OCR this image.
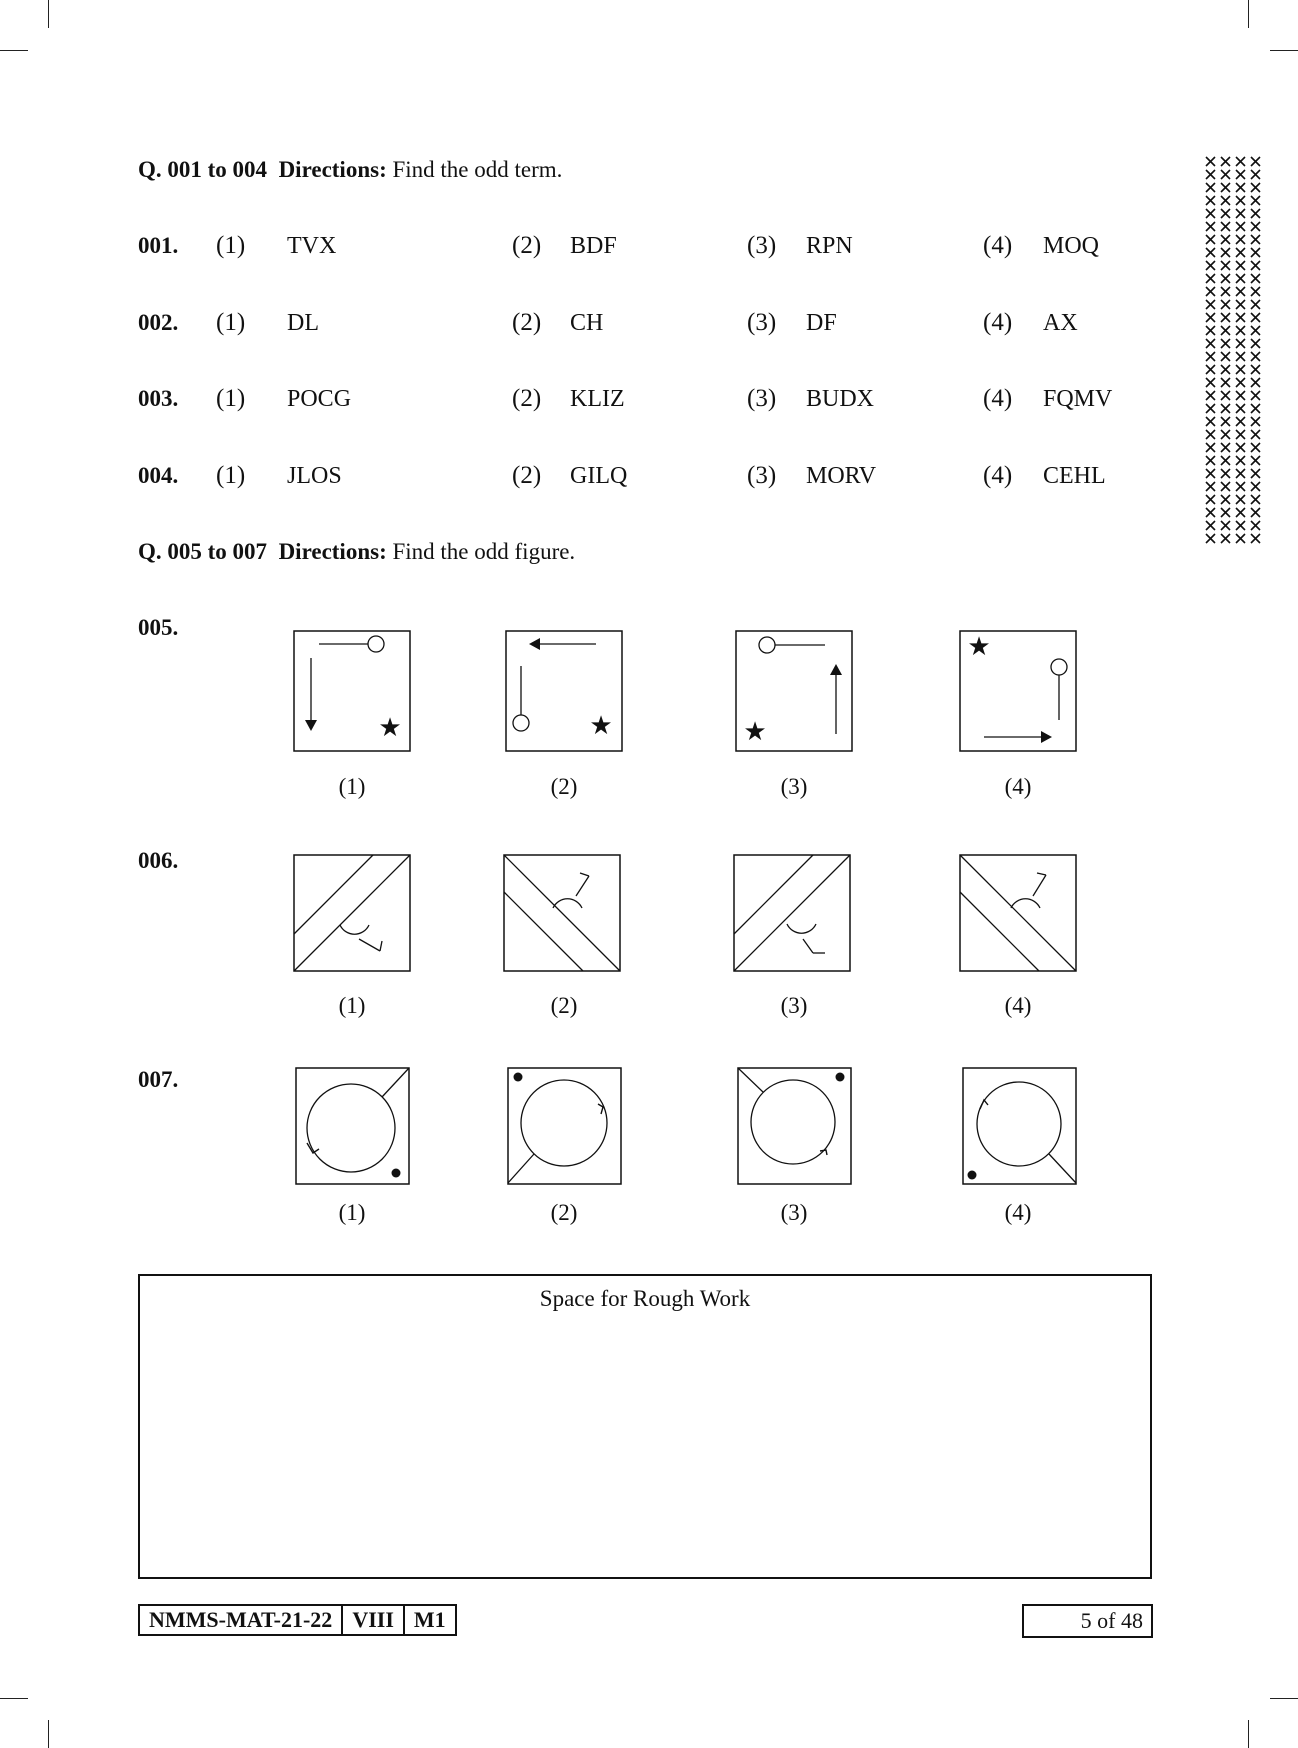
Q. 001 to 004 Directions: Find the odd term.
001. (1) TVX	(2) BDF	(3) RPN	(4) MOQ
002. (1) DL	(2) CH	(3) DF	(4) AX
003. (1) POCG	(2) KLIZ	(3) BUDX	(4) FQMV
004. (1) JLOS	(2) GILQ	(3) MORV	(4) CEHL
Q. 005 to 007 Directions: Find the odd figure.
005.
★	★	★
★
(1)	(2)	(3)	(4)
006.
(1)	(2)	(3)	(4)
007.
(1)	(2)	(3)	(4)
Space for Rough Work
NMMS-MAT-21-22 VIII M1	5 of 48
